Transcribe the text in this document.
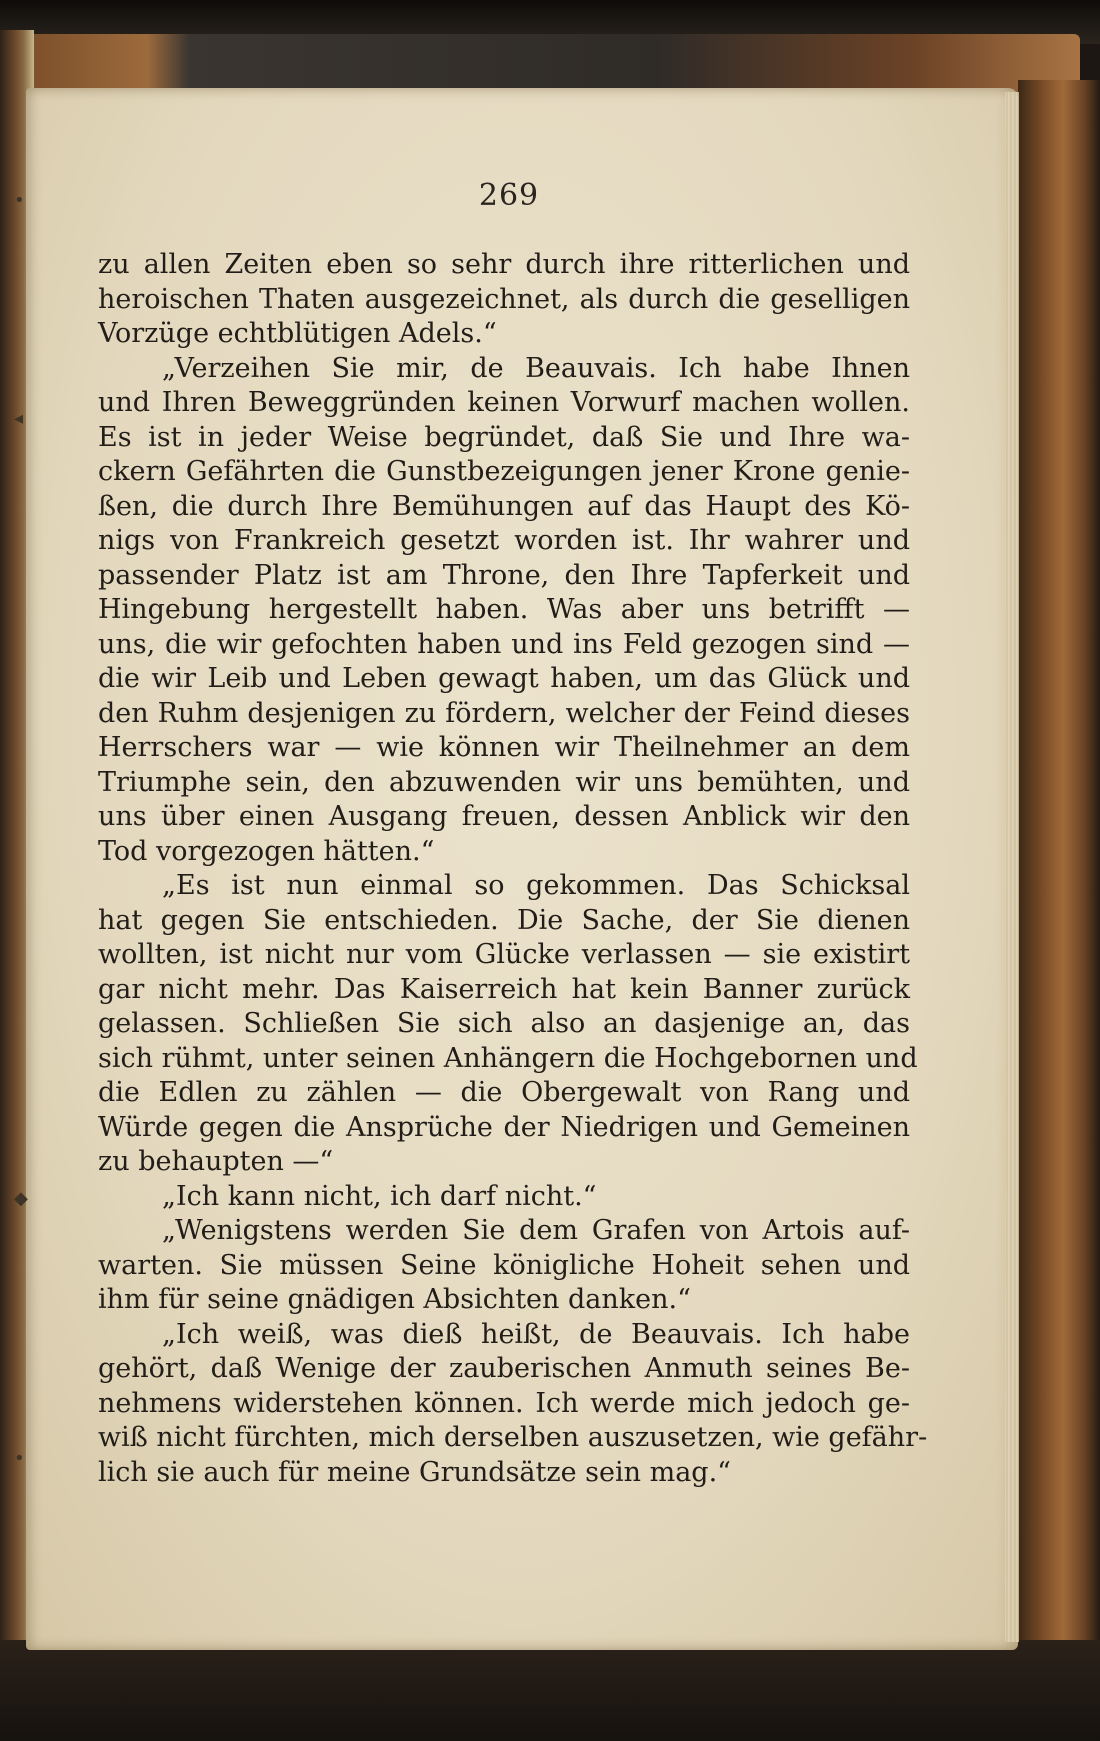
•
◂
◆
•
269
zu allen Zeiten eben so sehr durch ihre ritterlichen und
heroischen Thaten ausgezeichnet, als durch die geselligen
Vorzüge echtblütigen Adels.“
„Verzeihen Sie mir, de Beauvais. Ich habe Ihnen
und Ihren Beweggründen keinen Vorwurf machen wollen.
Es ist in jeder Weise begründet, daß Sie und Ihre wa-
ckern Gefährten die Gunstbezeigungen jener Krone genie-
ßen, die durch Ihre Bemühungen auf das Haupt des Kö-
nigs von Frankreich gesetzt worden ist. Ihr wahrer und
passender Platz ist am Throne, den Ihre Tapferkeit und
Hingebung hergestellt haben. Was aber uns betrifft —
uns, die wir gefochten haben und ins Feld gezogen sind —
die wir Leib und Leben gewagt haben, um das Glück und
den Ruhm desjenigen zu fördern, welcher der Feind dieses
Herrschers war — wie können wir Theilnehmer an dem
Triumphe sein, den abzuwenden wir uns bemühten, und
uns über einen Ausgang freuen, dessen Anblick wir den
Tod vorgezogen hätten.“
„Es ist nun einmal so gekommen. Das Schicksal
hat gegen Sie entschieden. Die Sache, der Sie dienen
wollten, ist nicht nur vom Glücke verlassen — sie existirt
gar nicht mehr. Das Kaiserreich hat kein Banner zurück
gelassen. Schließen Sie sich also an dasjenige an, das
sich rühmt, unter seinen Anhängern die Hochgebornen und
die Edlen zu zählen — die Obergewalt von Rang und
Würde gegen die Ansprüche der Niedrigen und Gemeinen
zu behaupten —“
„Ich kann nicht, ich darf nicht.“
„Wenigstens werden Sie dem Grafen von Artois auf-
warten. Sie müssen Seine königliche Hoheit sehen und
ihm für seine gnädigen Absichten danken.“
„Ich weiß, was dieß heißt, de Beauvais. Ich habe
gehört, daß Wenige der zauberischen Anmuth seines Be-
nehmens widerstehen können. Ich werde mich jedoch ge-
wiß nicht fürchten, mich derselben auszusetzen, wie gefähr-
lich sie auch für meine Grundsätze sein mag.“
